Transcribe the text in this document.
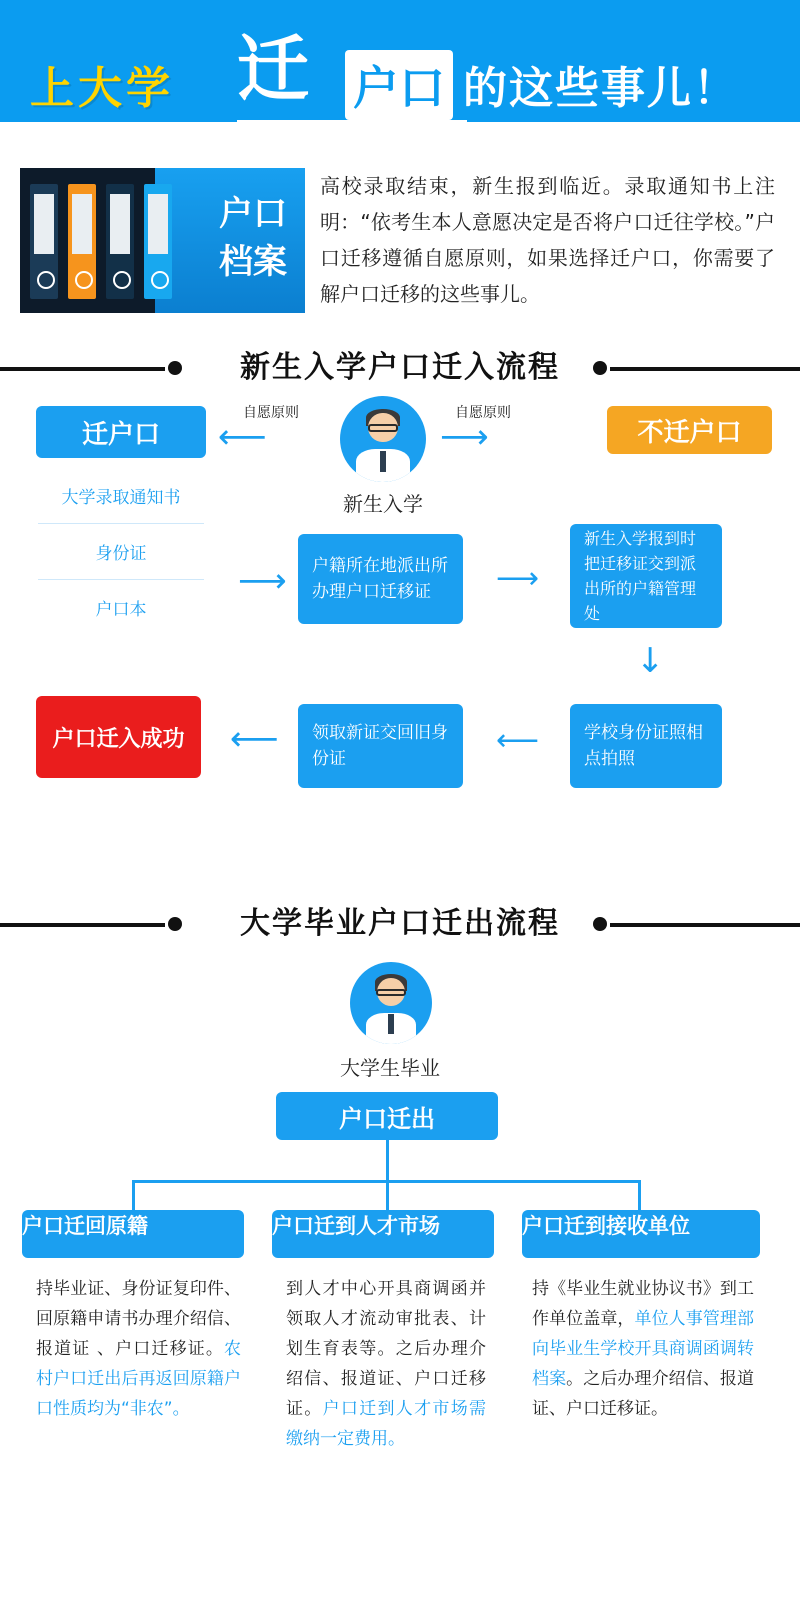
上大学 迁 户口 的这些事儿！
户口
档案
高校录取结束，新生报到临近。录取通知书上注明：“依考生本人意愿决定是否将户口迁往学校。”户口迁移遵循自愿原则，如果选择迁户口，你需要了解户口迁移的这些事儿。
新生入学户口迁入流程
新生入学
自愿原则	自愿原则
⟵	⟶
迁户口	不迁户口
大学录取通知书
身份证
户口本
⟶	户籍所在地派出所办理户口迁移证	⟶
新生入学报到时把迁移证交到派出所的户籍管理处
↓
学校身份证照相点拍照
⟵
领取新证交回旧身份证
⟵
户口迁入成功
大学毕业户口迁出流程
大学生毕业
户口迁出
户口迁回原籍	户口迁到人才市场	户口迁到接收单位
持毕业证、身份证复印件、回原籍申请书办理介绍信、报道证 、户口迁移证。农村户口迁出后再返回原籍户口性质均为“非农”。
到人才中心开具商调函并领取人才流动审批表、计划生育表等。之后办理介绍信、报道证、户口迁移证。户口迁到人才市场需缴纳一定费用。
持《毕业生就业协议书》到工作单位盖章，单位人事管理部向毕业生学校开具商调函调转档案。之后办理介绍信、报道证、户口迁移证。
